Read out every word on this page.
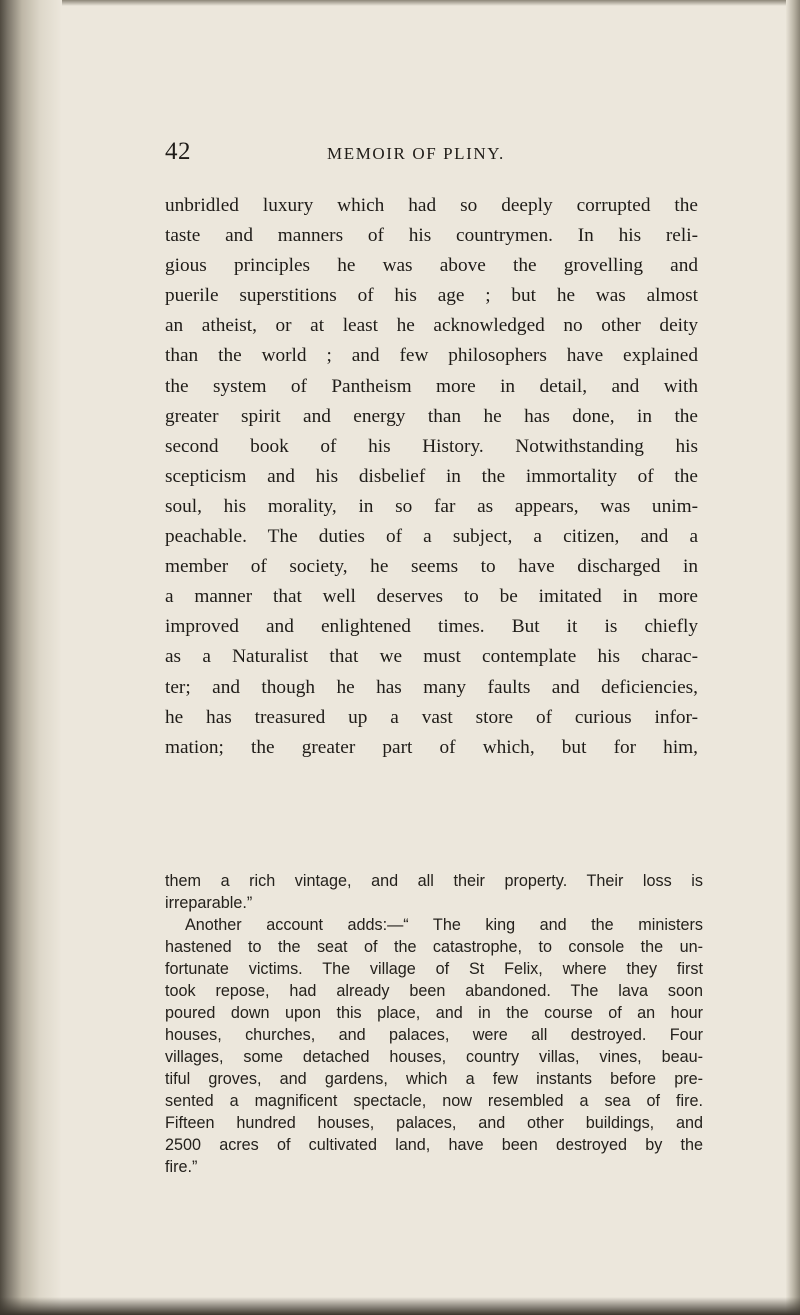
42	MEMOIR OF PLINY.
unbridled luxury which had so deeply corrupted the
taste and manners of his countrymen. In his reli-
gious principles he was above the grovelling and
puerile superstitions of his age ; but he was almost
an atheist, or at least he acknowledged no other deity
than the world ; and few philosophers have explained
the system of Pantheism more in detail, and with
greater spirit and energy than he has done, in the
second book of his History. Notwithstanding his
scepticism and his disbelief in the immortality of the
soul, his morality, in so far as appears, was unim-
peachable. The duties of a subject, a citizen, and a
member of society, he seems to have discharged in
a manner that well deserves to be imitated in more
improved and enlightened times. But it is chiefly
as a Naturalist that we must contemplate his charac-
ter; and though he has many faults and deficiencies,
he has treasured up a vast store of curious infor-
mation; the greater part of which, but for him,
them a rich vintage, and all their property. Their loss is
irreparable.”
Another account adds:—“ The king and the ministers
hastened to the seat of the catastrophe, to console the un-
fortunate victims. The village of St Felix, where they first
took repose, had already been abandoned. The lava soon
poured down upon this place, and in the course of an hour
houses, churches, and palaces, were all destroyed. Four
villages, some detached houses, country villas, vines, beau-
tiful groves, and gardens, which a few instants before pre-
sented a magnificent spectacle, now resembled a sea of fire.
Fifteen hundred houses, palaces, and other buildings, and
2500 acres of cultivated land, have been destroyed by the
fire.”
